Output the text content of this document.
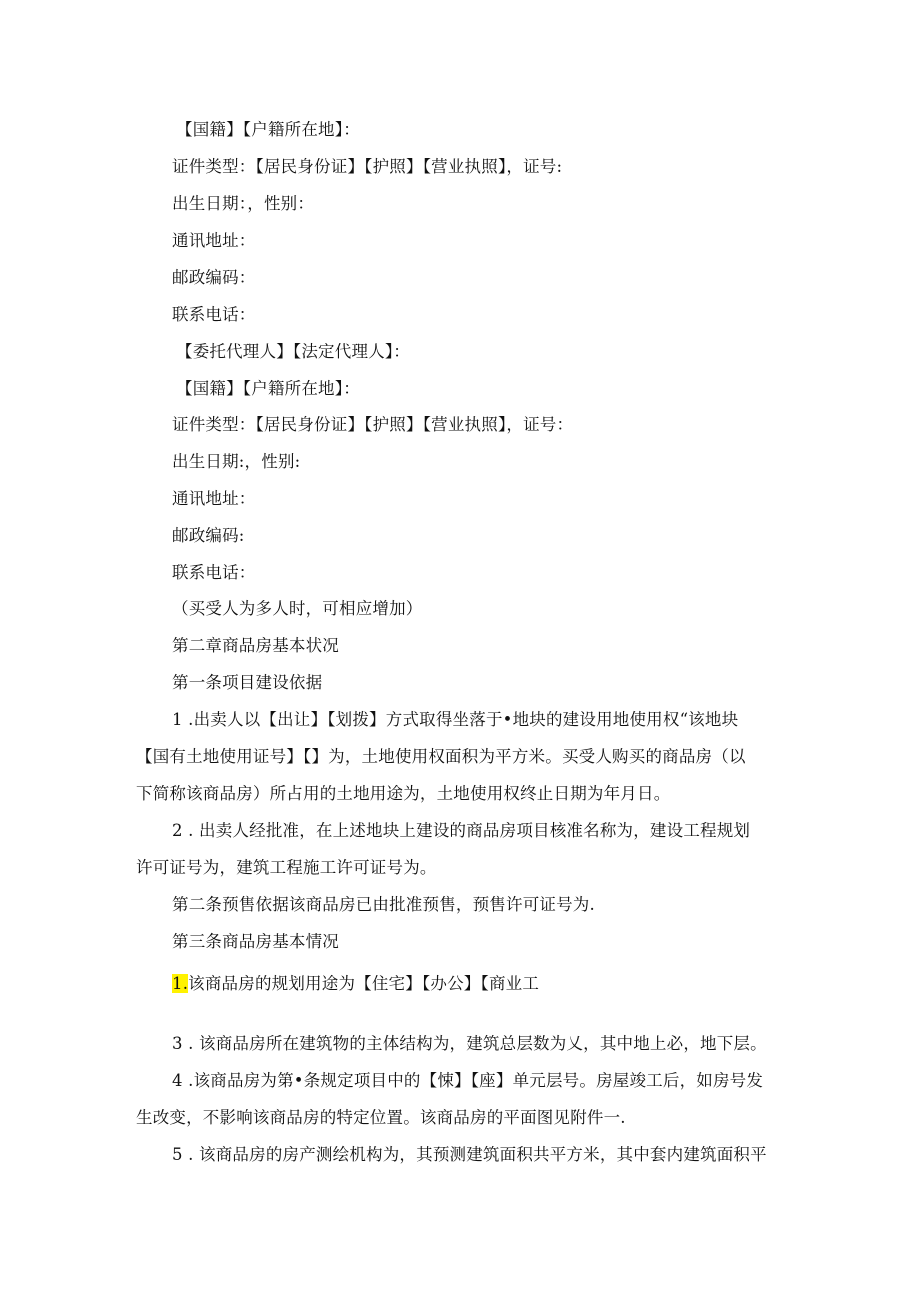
【国籍】【户籍所在地】：
证件类型：【居民身份证】【护照】【营业执照】，证号:
出生日期：，性别：
通讯地址：
邮政编码：
联系电话：
【委托代理人】【法定代理人】：
【国籍】【户籍所在地】：
证件类型：【居民身份证】【护照】【营业执照】，证号：
出生日期:，性别:
通讯地址：
邮政编码:
联系电话：
（买受人为多人时，可相应增加）
第二章商品房基本状况
第一条项目建设依据
1 .出卖人以【出让】【划拨】方式取得坐落于•地块的建设用地使用权“该地块
【国有土地使用证号】【】为，土地使用权面积为平方米。买受人购买的商品房（以
下简称该商品房）所占用的土地用途为，土地使用权终止日期为年月日。
2 . 出卖人经批准，在上述地块上建设的商品房项目核准名称为，建设工程规划
许可证号为，建筑工程施工许可证号为。
第二条预售依据该商品房已由批准预售，预售许可证号为.
第三条商品房基本情况
1.该商品房的规划用途为【住宅】【办公】【商业工
3 . 该商品房所在建筑物的主体结构为，建筑总层数为乂，其中地上必，地下层。
4 .该商品房为第•条规定项目中的【悚】【座】单元层号。房屋竣工后，如房号发
生改变，不影响该商品房的特定位置。该商品房的平面图见附件一.
5 . 该商品房的房产测绘机构为，其预测建筑面积共平方米，其中套内建筑面积平
